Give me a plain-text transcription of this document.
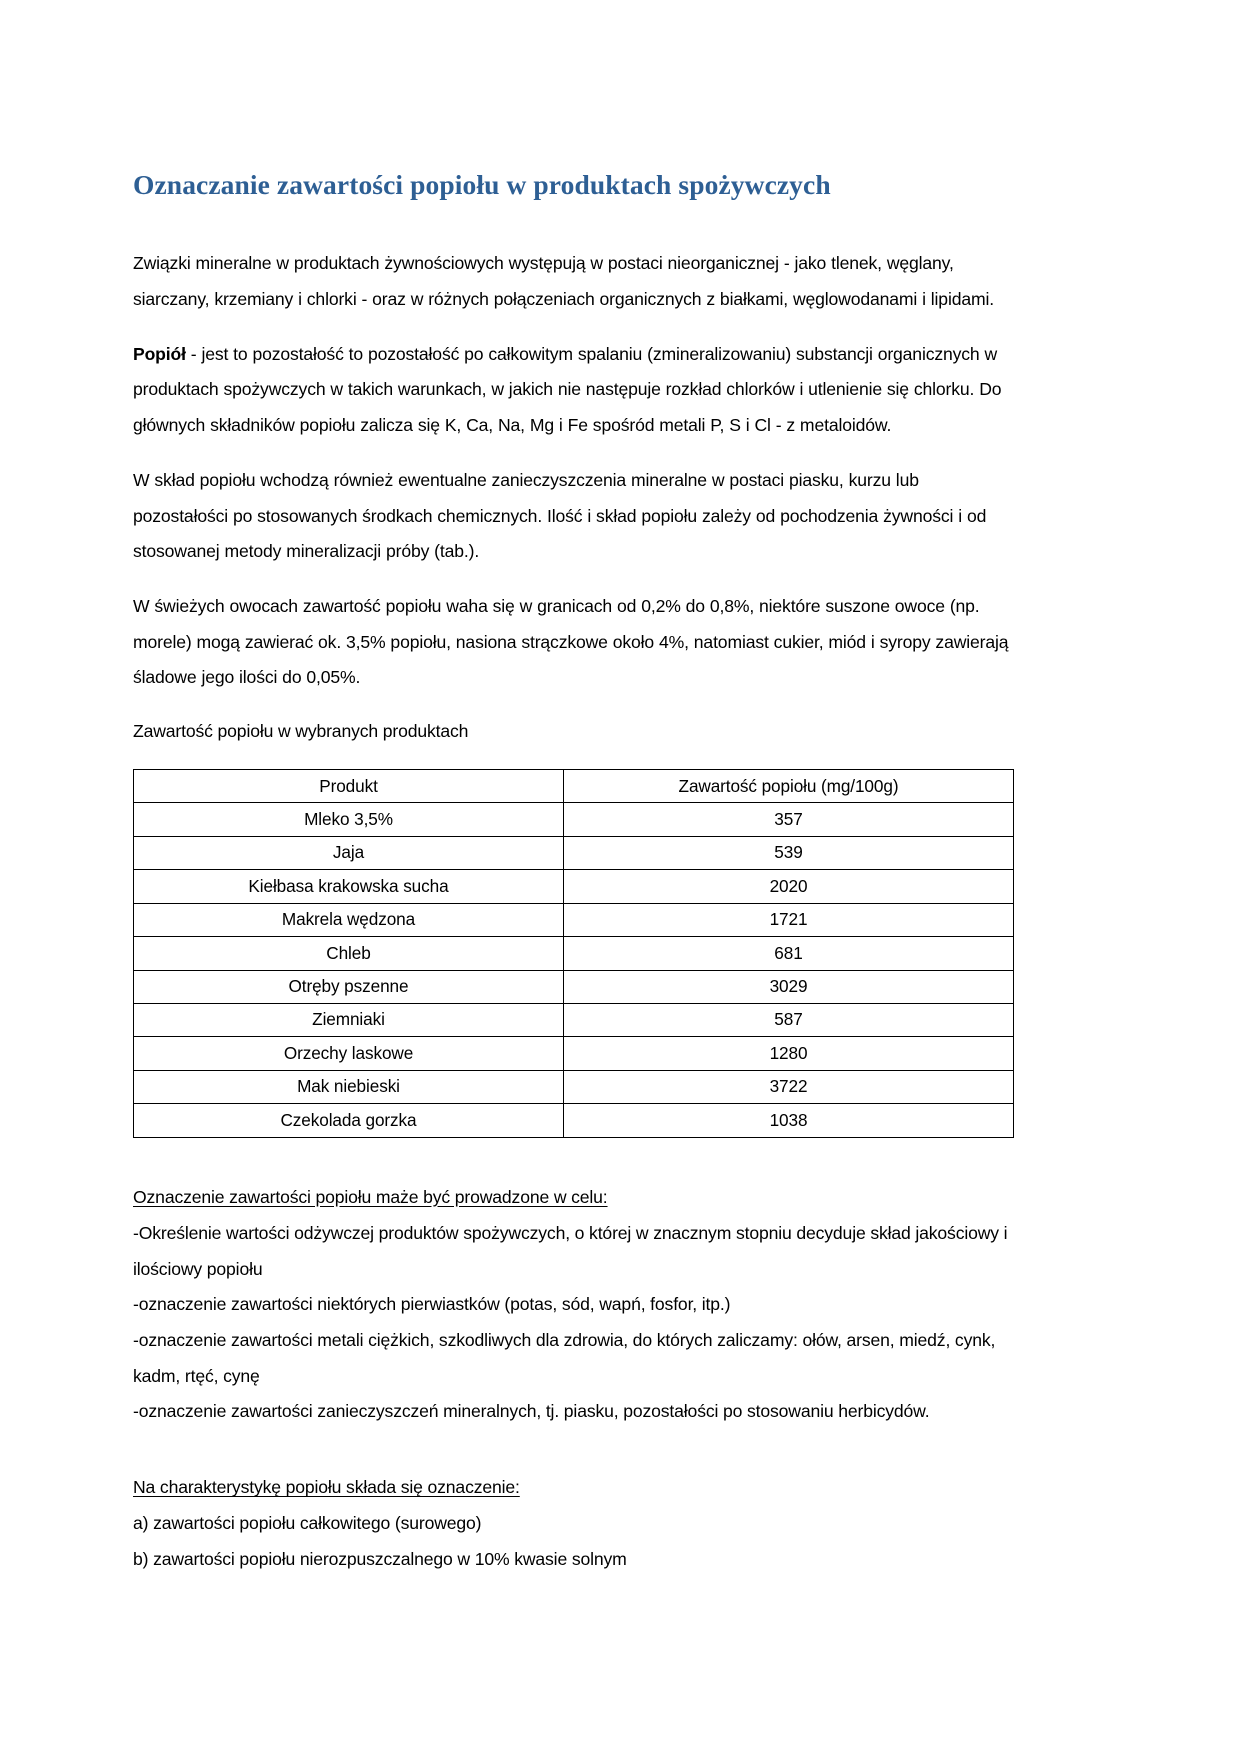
Oznaczanie zawartości popiołu w produktach spożywczych

Związki mineralne w produktach żywnościowych występują w postaci nieorganicznej - jako tlenek, węglany, siarczany, krzemiany i chlorki - oraz w różnych połączeniach organicznych z białkami, węglowodanami i lipidami.

Popiół - jest to pozostałość to pozostałość po całkowitym spalaniu (zmineralizowaniu) substancji organicznych w produktach spożywczych w takich warunkach, w jakich nie następuje rozkład chlorków i utlenienie się chlorku. Do głównych składników popiołu zalicza się K, Ca, Na, Mg i Fe spośród metali P, S i Cl - z metaloidów.

W skład popiołu wchodzą również ewentualne zanieczyszczenia mineralne w postaci piasku, kurzu lub pozostałości po stosowanych środkach chemicznych. Ilość i skład popiołu zależy od pochodzenia żywności i od stosowanej metody mineralizacji próby (tab.).

W świeżych owocach zawartość popiołu waha się w granicach od 0,2% do 0,8%, niektóre suszone owoce (np. morele) mogą zawierać ok. 3,5% popiołu, nasiona strączkowe około 4%, natomiast cukier, miód i syropy zawierają śladowe jego ilości do 0,05%.

Zawartość popiołu w wybranych produktach
Produkt	Zawartość popiołu (mg/100g)
Mleko 3,5%	357
Jaja	539
Kiełbasa krakowska sucha	2020
Makrela wędzona	1721
Chleb	681
Otręby pszenne	3029
Ziemniaki	587
Orzechy laskowe	1280
Mak niebieski	3722
Czekolada gorzka	1038
Oznaczenie zawartości popiołu maże być prowadzone w celu:

-Określenie wartości odżywczej produktów spożywczych, o której w znacznym stopniu decyduje skład jakościowy i ilościowy popiołu

-oznaczenie zawartości niektórych pierwiastków (potas, sód, wapń, fosfor, itp.)

-oznaczenie zawartości metali ciężkich, szkodliwych dla zdrowia, do których zaliczamy: ołów, arsen, miedź, cynk, kadm, rtęć, cynę

-oznaczenie zawartości zanieczyszczeń mineralnych, tj. piasku, pozostałości po stosowaniu herbicydów.

Na charakterystykę popiołu składa się oznaczenie:

a) zawartości popiołu całkowitego (surowego)

b) zawartości popiołu nierozpuszczalnego w 10% kwasie solnym
